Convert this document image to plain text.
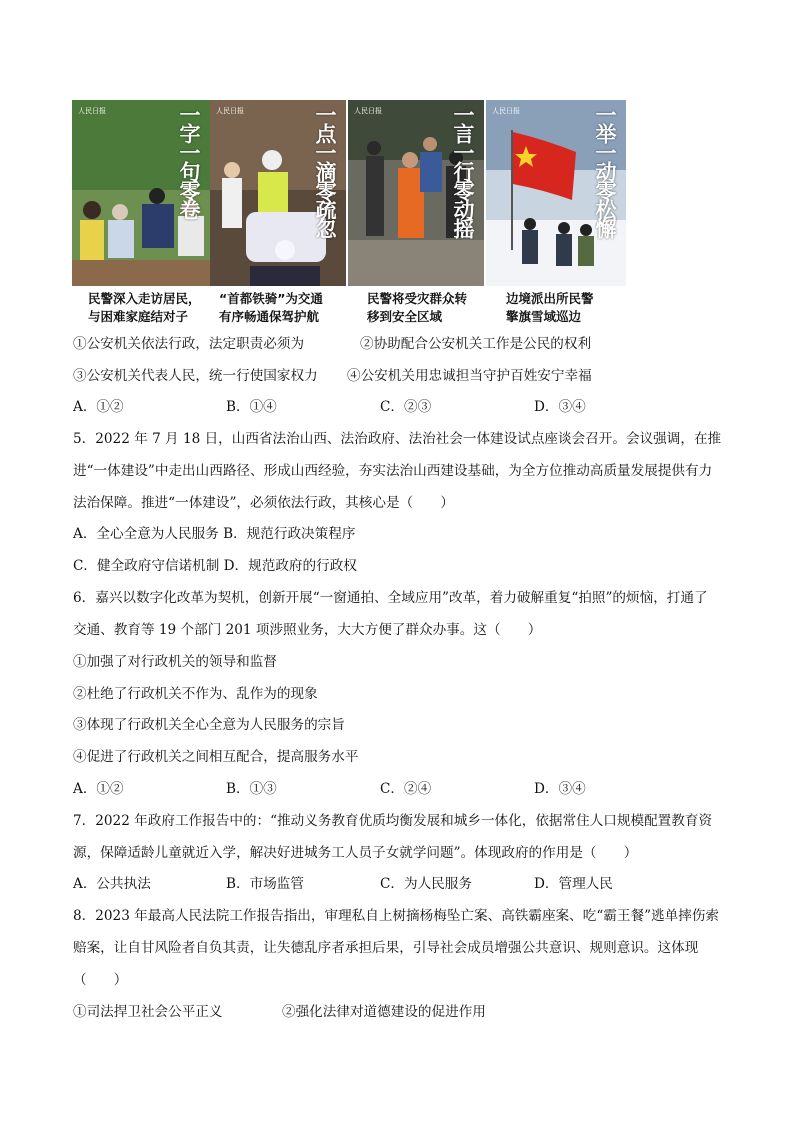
人民日报	一字一句零卷 人民日报	一点一滴零疏忽 人民日报	一言一行零动摇 人民日报	一举一动零松懈
民警深入走访居民，
与困难家庭结对子
“首都铁骑”为交通
有序畅通保驾护航
民警将受灾群众转
移到安全区域
边境派出所民警
擎旗雪域巡边
①公安机关依法行政，法定职责必须为	②协助配合公安机关工作是公民的权利
③公安机关代表人民，统一行使国家权力 ④公安机关用忠诚担当守护百姓安宁幸福
A．①②	B．①④	C．②③	D．③④
5．2022 年 7 月 18 日，山西省法治山西、法治政府、法治社会一体建设试点座谈会召开。会议强调，在推
进“一体建设”中走出山西路径、形成山西经验，夯实法治山西建设基础，为全方位推动高质量发展提供有力
法治保障。推进“一体建设”，必须依法行政，其核心是（　　）
A．全心全意为人民服务 B．规范行政决策程序
C．健全政府守信诺机制 D．规范政府的行政权
6．嘉兴以数字化改革为契机，创新开展“一窗通拍、全域应用”改革，着力破解重复“拍照”的烦恼，打通了
交通、教育等 19 个部门 201 项涉照业务，大大方便了群众办事。这（　　）
①加强了对行政机关的领导和监督
②杜绝了行政机关不作为、乱作为的现象
③体现了行政机关全心全意为人民服务的宗旨
④促进了行政机关之间相互配合，提高服务水平
A．①②	B．①③	C．②④	D．③④
7．2022 年政府工作报告中的：“推动义务教育优质均衡发展和城乡一体化，依据常住人口规模配置教育资
源，保障适龄儿童就近入学，解决好进城务工人员子女就学问题”。体现政府的作用是（　　）
A．公共执法	B．市场监管	C．为人民服务	D．管理人民
8．2023 年最高人民法院工作报告指出，审理私自上树摘杨梅坠亡案、高铁霸座案、吃“霸王餐”逃单摔伤索
赔案，让自甘风险者自负其责，让失德乱序者承担后果，引导社会成员增强公共意识、规则意识。这体现
（　　）
①司法捍卫社会公平正义	②强化法律对道德建设的促进作用
